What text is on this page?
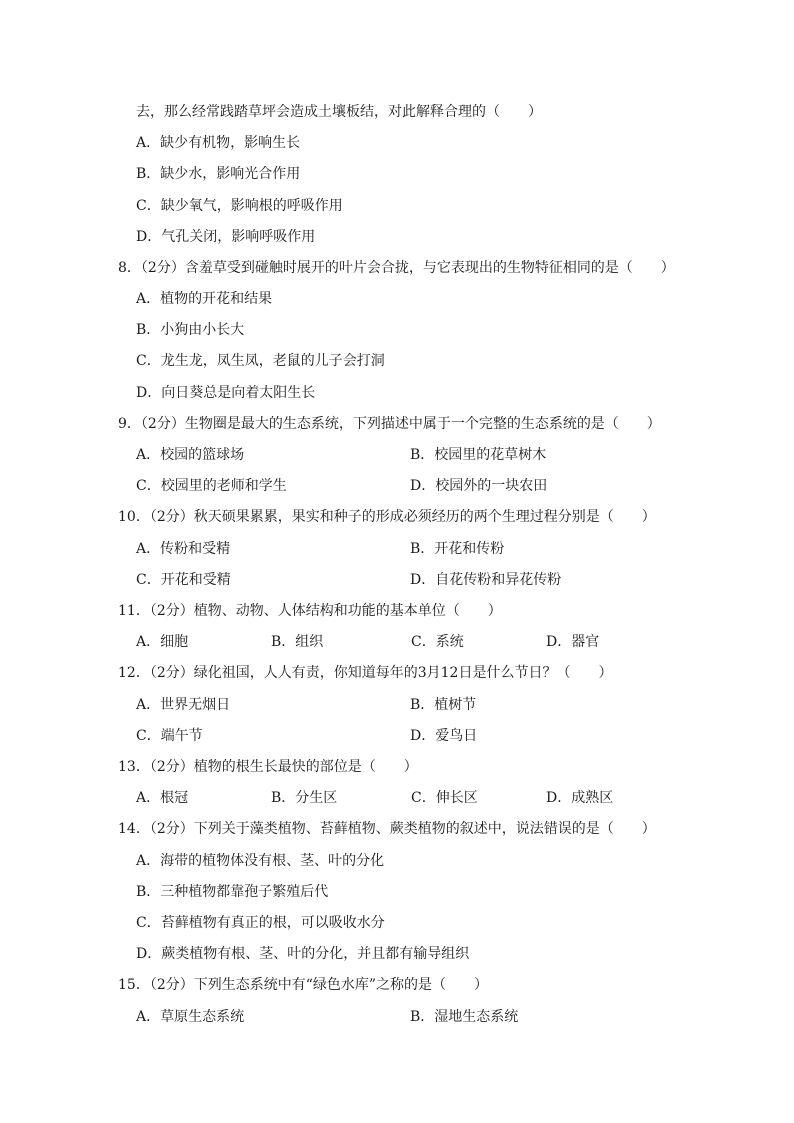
去，那么经常践踏草坪会造成土壤板结，对此解释合理的（　　）
A．缺少有机物，影响生长
B．缺少水，影响光合作用
C．缺少氧气，影响根的呼吸作用
D．气孔关闭，影响呼吸作用
8．（2分）含羞草受到碰触时展开的叶片会合拢，与它表现出的生物特征相同的是（　　）
A．植物的开花和结果
B．小狗由小长大
C．龙生龙，凤生凤，老鼠的儿子会打洞
D．向日葵总是向着太阳生长
9．（2分）生物圈是最大的生态系统，下列描述中属于一个完整的生态系统的是（　　）
A．校园的篮球场	B．校园里的花草树木
C．校园里的老师和学生	D．校园外的一块农田
10．（2分）秋天硕果累累，果实和种子的形成必须经历的两个生理过程分别是（　　）
A．传粉和受精	B．开花和传粉
C．开花和受精	D．自花传粉和异花传粉
11．（2分）植物、动物、人体结构和功能的基本单位（　　）
A．细胞	B．组织	C．系统	D．器官
12．（2分）绿化祖国，人人有责，你知道每年的3月12日是什么节日？（　　）
A．世界无烟日	B．植树节
C．端午节	D．爱鸟日
13．（2分）植物的根生长最快的部位是（　　）
A．根冠	B．分生区	C．伸长区	D．成熟区
14．（2分）下列关于藻类植物、苔藓植物、蕨类植物的叙述中，说法错误的是（　　）
A．海带的植物体没有根、茎、叶的分化
B．三种植物都靠孢子繁殖后代
C．苔藓植物有真正的根，可以吸收水分
D．蕨类植物有根、茎、叶的分化，并且都有输导组织
15．（2分）下列生态系统中有“绿色水库”之称的是（　　）
A．草原生态系统	B．湿地生态系统
